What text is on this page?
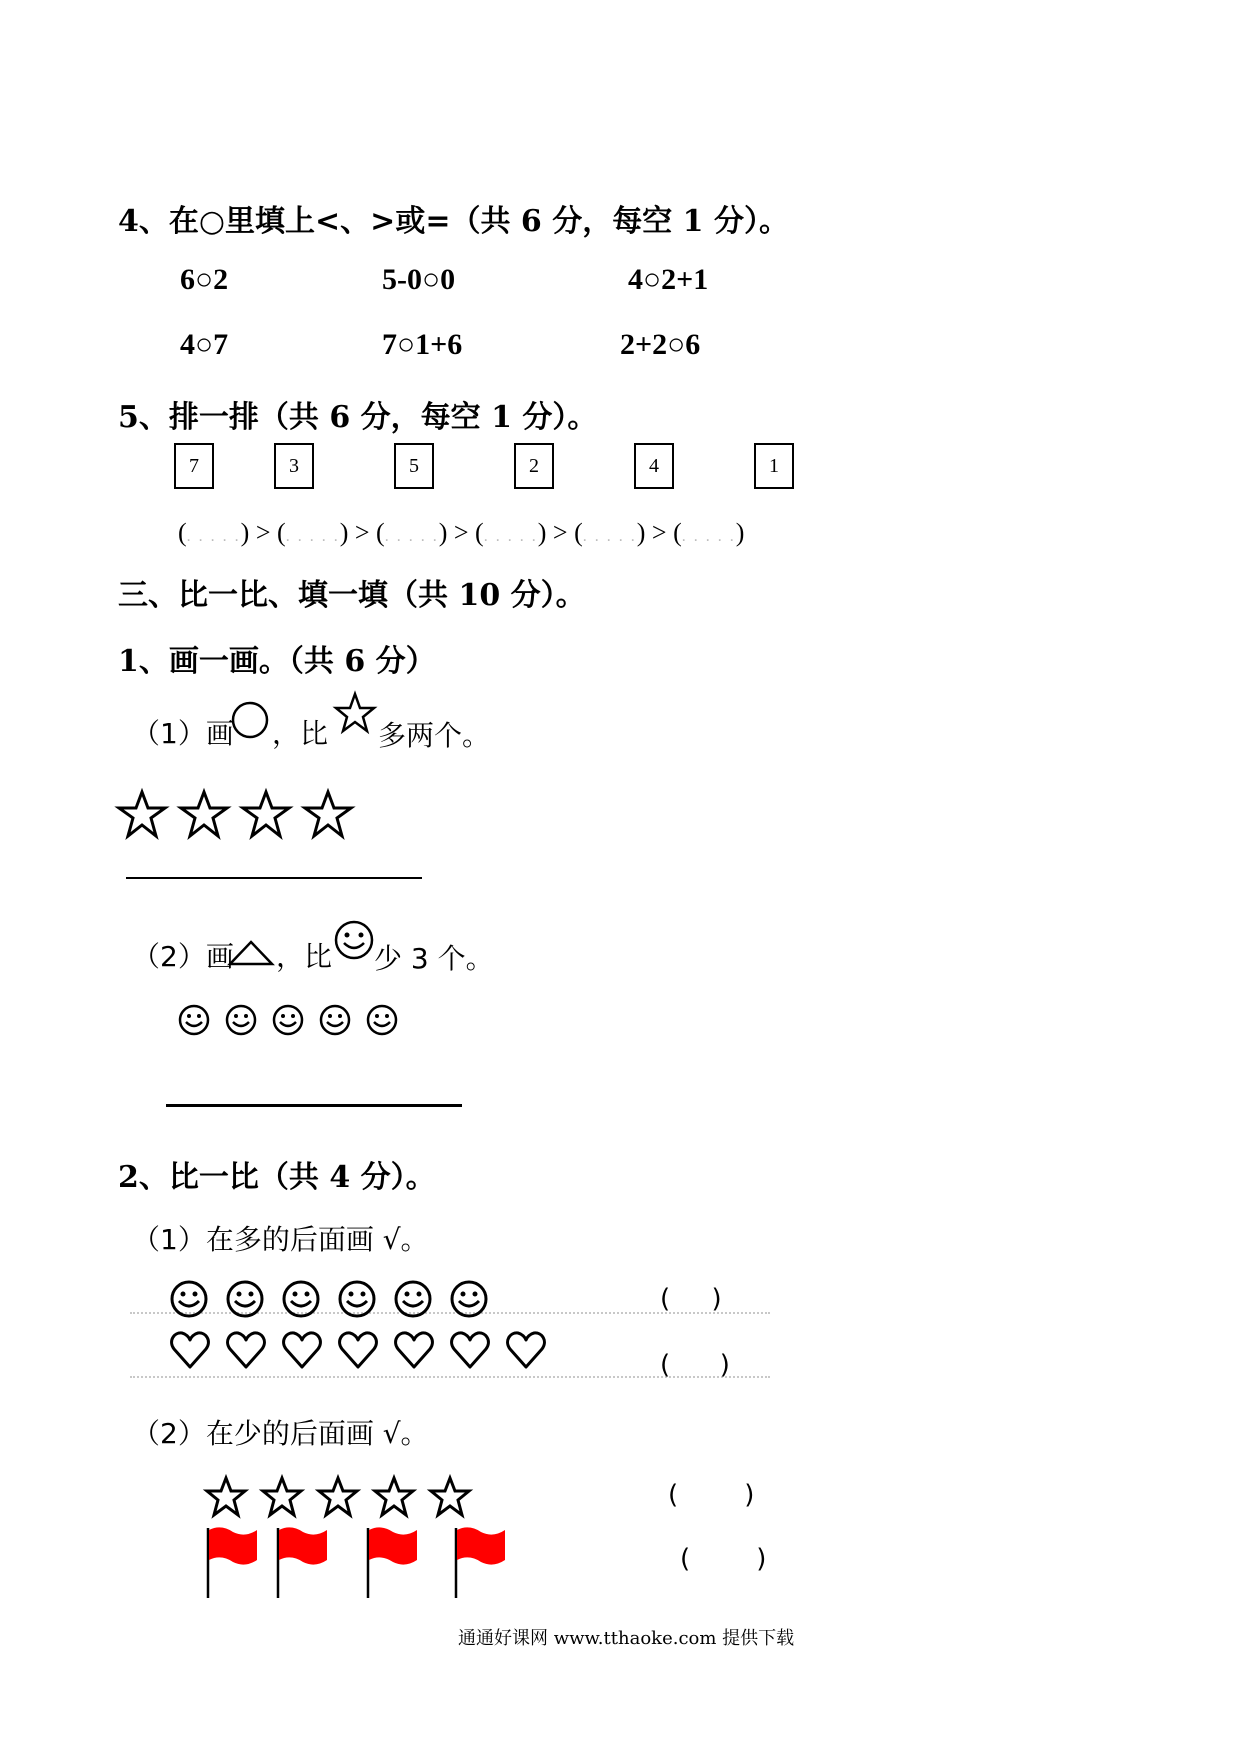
4、在○里填上<、>或=（共 6 分，每空 1 分）。
6○2	5-0○0	4○2+1
4○7	7○1+6	2+2○6
5、排一排（共 6 分，每空 1 分）。
7	3	5	2	4	1
(. . . . .) > (. . . . .) > (. . . . .) > (. . . . .) > (. . . . .) > (. . . . .)
三、比一比、填一填（共 10 分）。
1、画一画。（共 6 分）
（1）画 ，比 多两个。
（2）画 ，比 少 3 个。
2、比一比（共 4 分）。
（1）在多的后面画 √。
( )
( )
（2）在少的后面画 √。
(	)
(	)
通通好课网 www.tthaoke.com 提供下载
